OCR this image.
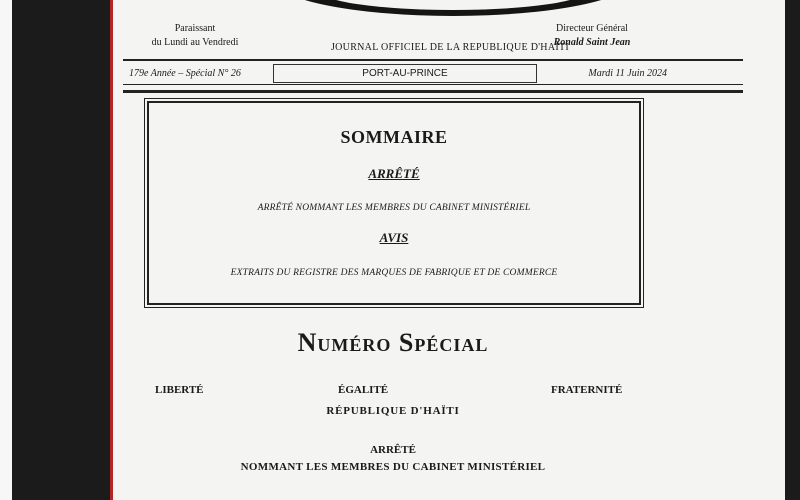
Paraissant
du Lundi au Vendredi	JOURNAL OFFICIEL DE LA REPUBLIQUE D'HAITI
Directeur Général
Ronald Saint Jean
179e Année – Spécial N° 26	PORT-AU-PRINCE	Mardi 11 Juin 2024
SOMMAIRE
ARRÊTÉ
ARRÊTÉ NOMMANT LES MEMBRES DU CABINET MINISTÉRIEL
AVIS
EXTRAITS DU REGISTRE DES MARQUES DE FABRIQUE ET DE COMMERCE
Numéro Spécial
LIBERTÉ	ÉGALITÉ	FRATERNITÉ
RÉPUBLIQUE D'HAÏTI
ARRÊTÉ
NOMMANT LES MEMBRES DU CABINET MINISTÉRIEL
